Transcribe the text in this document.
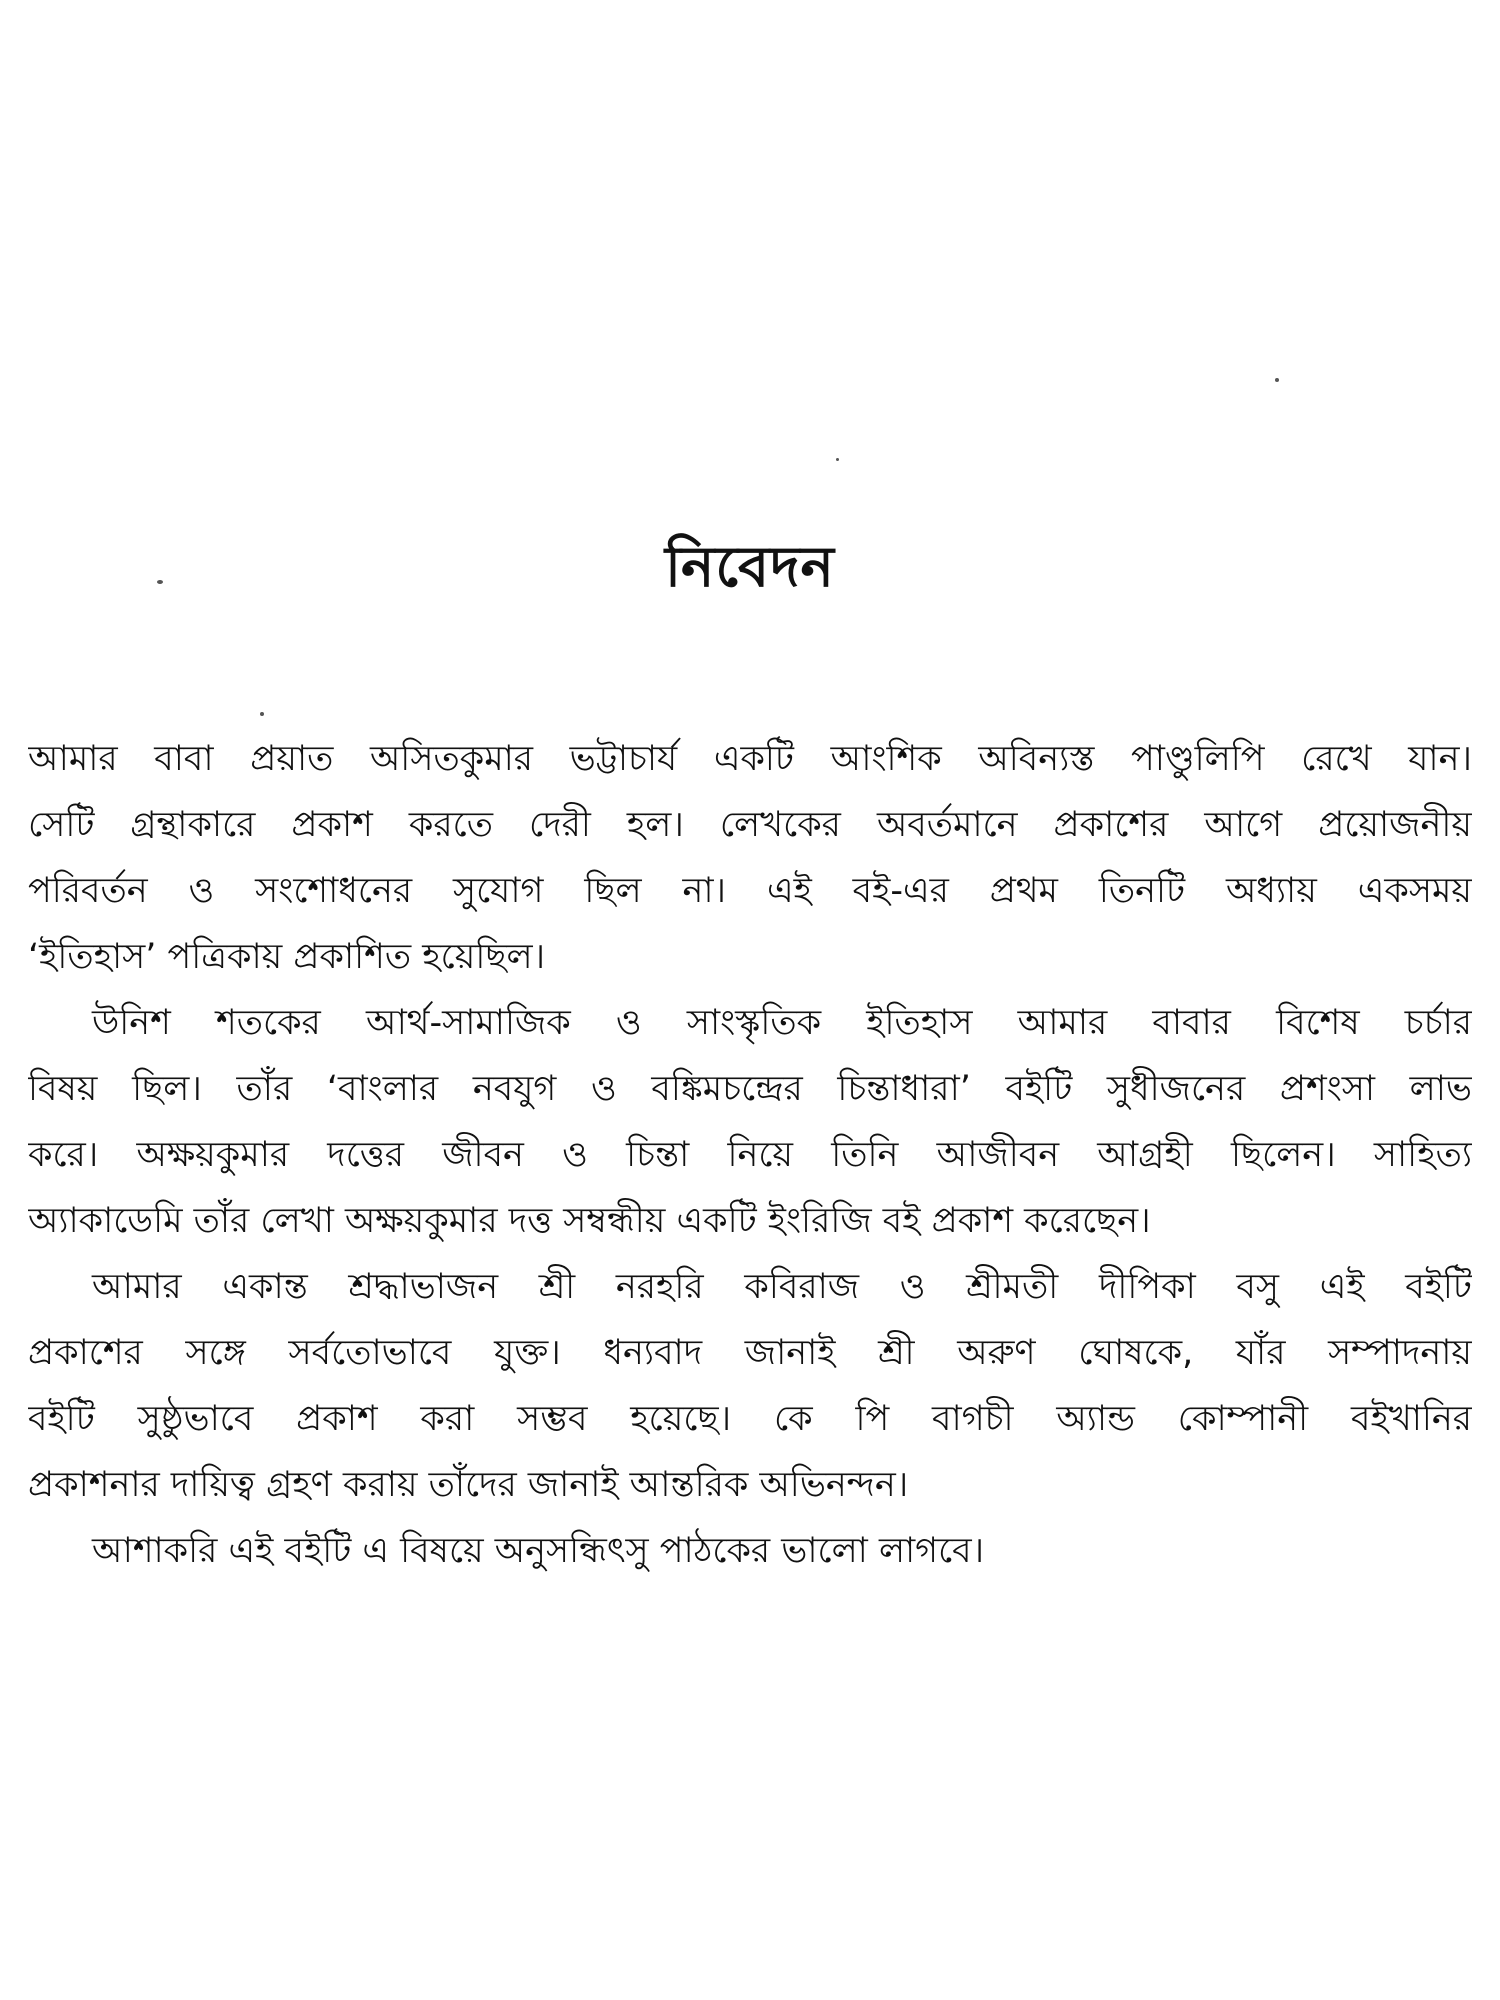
নিবেদন
আমার বাবা প্রয়াত অসিতকুমার ভট্টাচার্য একটি আংশিক অবিন্যস্ত পাণ্ডুলিপি রেখে যান।
সেটি গ্রন্থাকারে প্রকাশ করতে দেরী হল। লেখকের অবর্তমানে প্রকাশের আগে প্রয়োজনীয়
পরিবর্তন ও সংশোধনের সুযোগ ছিল না। এই বই-এর প্রথম তিনটি অধ্যায় একসময়
‘ইতিহাস’ পত্রিকায় প্রকাশিত হয়েছিল।
উনিশ শতকের আর্থ-সামাজিক ও সাংস্কৃতিক ইতিহাস আমার বাবার বিশেষ চর্চার
বিষয় ছিল। তাঁর ‘বাংলার নবযুগ ও বঙ্কিমচন্দ্রের চিন্তাধারা’ বইটি সুধীজনের প্রশংসা লাভ
করে। অক্ষয়কুমার দত্তের জীবন ও চিন্তা নিয়ে তিনি আজীবন আগ্রহী ছিলেন। সাহিত্য
অ্যাকাডেমি তাঁর লেখা অক্ষয়কুমার দত্ত সম্বন্ধীয় একটি ইংরিজি বই প্রকাশ করেছেন।
আমার একান্ত শ্রদ্ধাভাজন শ্রী নরহরি কবিরাজ ও শ্রীমতী দীপিকা বসু এই বইটি
প্রকাশের সঙ্গে সর্বতোভাবে যুক্ত। ধন্যবাদ জানাই শ্রী অরুণ ঘোষকে, যাঁর সম্পাদনায়
বইটি সুষ্ঠুভাবে প্রকাশ করা সম্ভব হয়েছে। কে পি বাগচী অ্যান্ড কোম্পানী বইখানির
প্রকাশনার দায়িত্ব গ্রহণ করায় তাঁদের জানাই আন্তরিক অভিনন্দন।
আশাকরি এই বইটি এ বিষয়ে অনুসন্ধিৎসু পাঠকের ভালো লাগবে।
